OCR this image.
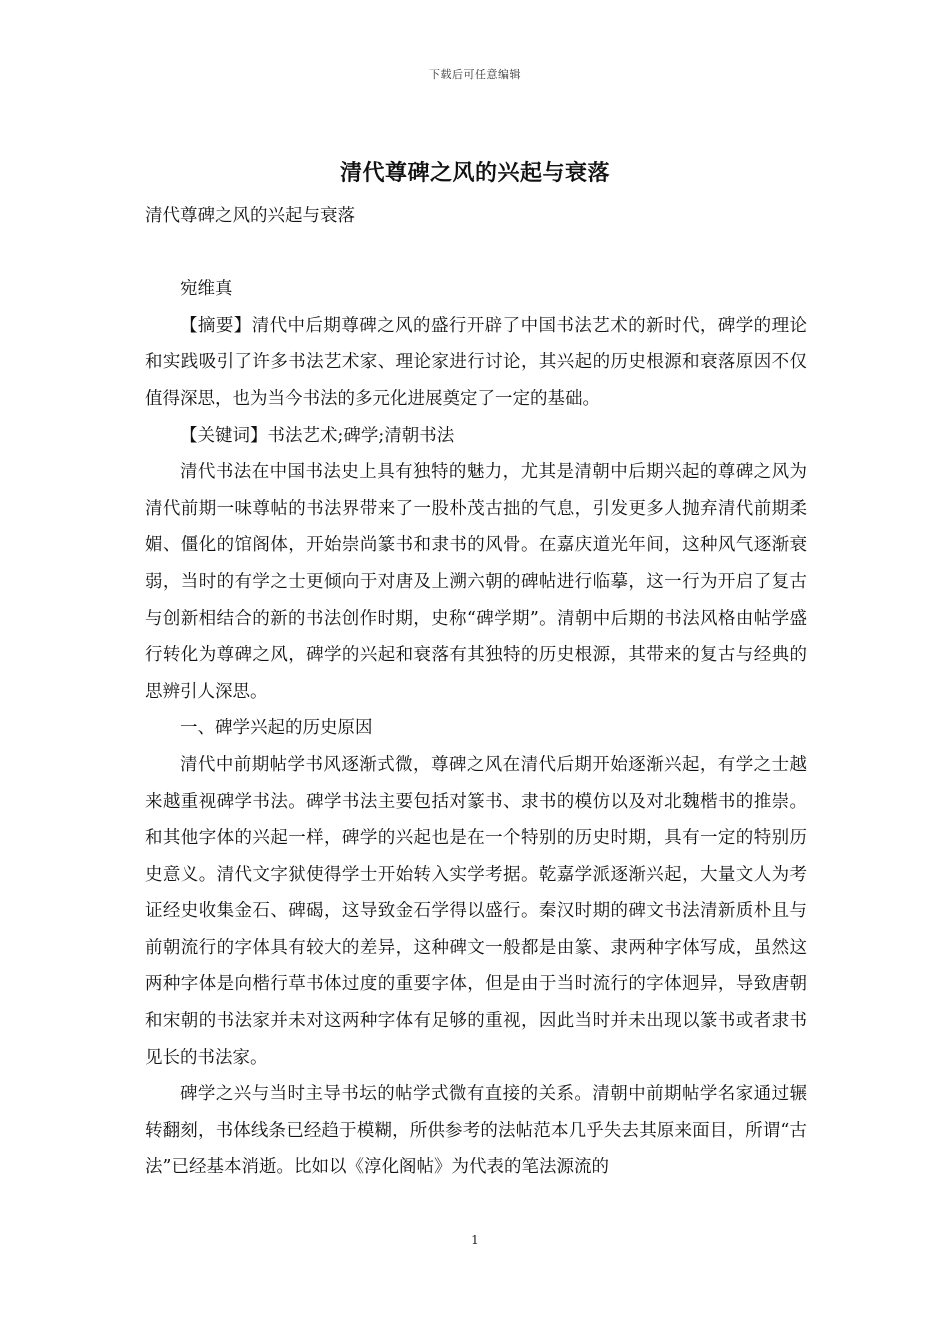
下载后可任意编辑
清代尊碑之风的兴起与衰落

清代尊碑之风的兴起与衰落

宛维真

【摘要】清代中后期尊碑之风的盛行开辟了中国书法艺术的新时代，碑学的理论和实践吸引了许多书法艺术家、理论家进行讨论，其兴起的历史根源和衰落原因不仅值得深思，也为当今书法的多元化进展奠定了一定的基础。

【关键词】书法艺术;碑学;清朝书法

清代书法在中国书法史上具有独特的魅力，尤其是清朝中后期兴起的尊碑之风为清代前期一味尊帖的书法界带来了一股朴茂古拙的气息，引发更多人抛弃清代前期柔媚、僵化的馆阁体，开始崇尚篆书和隶书的风骨。在嘉庆道光年间，这种风气逐渐衰弱，当时的有学之士更倾向于对唐及上溯六朝的碑帖进行临摹，这一行为开启了复古与创新相结合的新的书法创作时期，史称“碑学期”。清朝中后期的书法风格由帖学盛行转化为尊碑之风，碑学的兴起和衰落有其独特的历史根源，其带来的复古与经典的思辨引人深思。

一、碑学兴起的历史原因

清代中前期帖学书风逐渐式微，尊碑之风在清代后期开始逐渐兴起，有学之士越来越重视碑学书法。碑学书法主要包括对篆书、隶书的模仿以及对北魏楷书的推崇。和其他字体的兴起一样，碑学的兴起也是在一个特别的历史时期，具有一定的特别历史意义。清代文字狱使得学士开始转入实学考据。乾嘉学派逐渐兴起，大量文人为考证经史收集金石、碑碣，这导致金石学得以盛行。秦汉时期的碑文书法清新质朴且与前朝流行的字体具有较大的差异，这种碑文一般都是由篆、隶两种字体写成，虽然这两种字体是向楷行草书体过度的重要字体，但是由于当时流行的字体迥异，导致唐朝和宋朝的书法家并未对这两种字体有足够的重视，因此当时并未出现以篆书或者隶书见长的书法家。

碑学之兴与当时主导书坛的帖学式微有直接的关系。清朝中前期帖学名家通过辗转翻刻，书体线条已经趋于模糊，所供参考的法帖范本几乎失去其原来面目，所谓“古法”已经基本消逝。比如以《淳化阁帖》为代表的笔法源流的

1
